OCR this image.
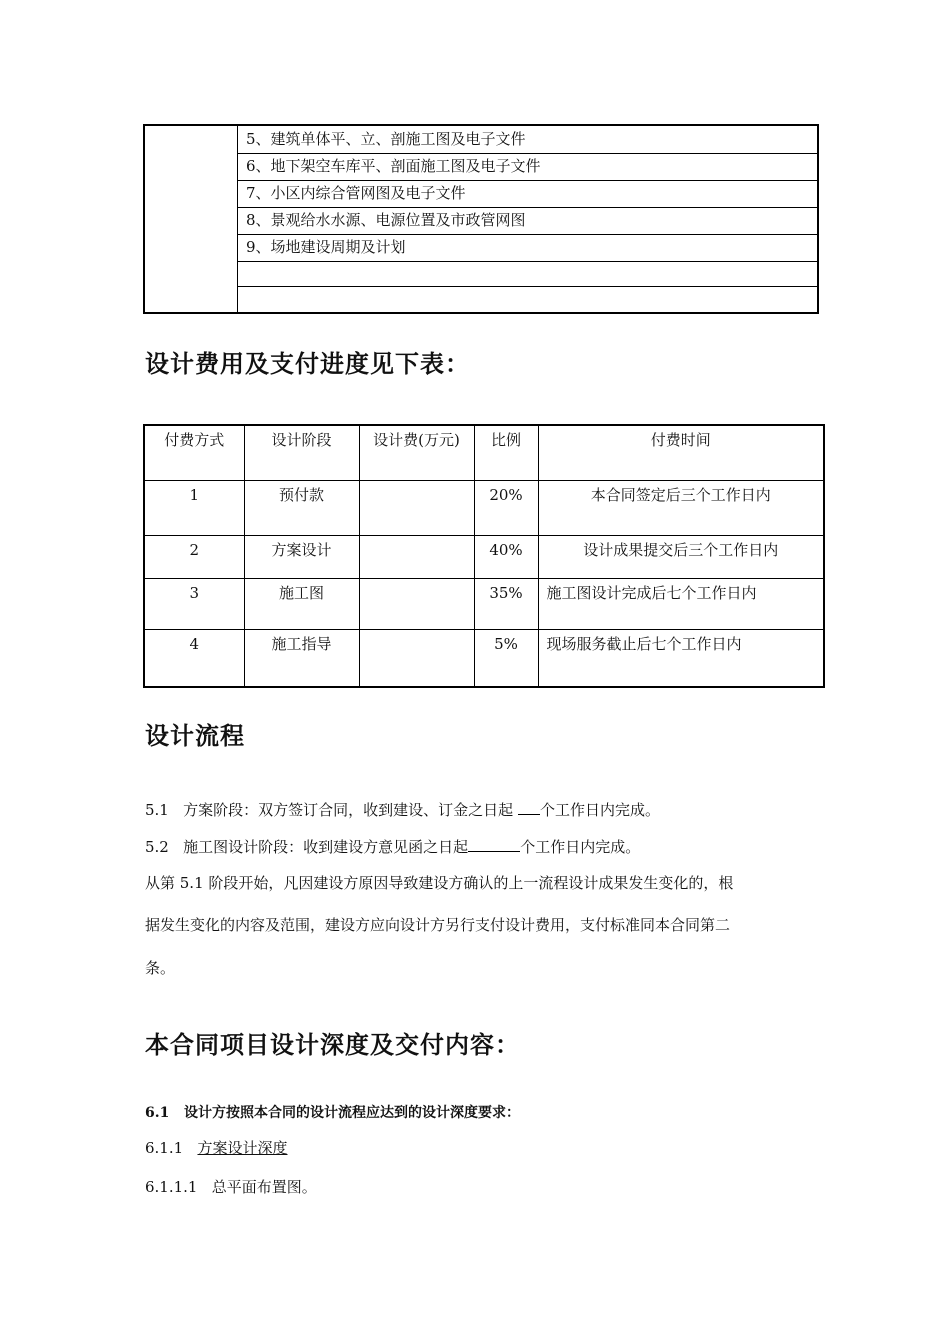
	5、建筑单体平、立、剖施工图及电子文件
6、地下架空车库平、剖面施工图及电子文件
7、小区内综合管网图及电子文件
8、景观给水水源、电源位置及市政管网图
9、场地建设周期及计划

设计费用及支付进度见下表：
付费方式	设计阶段	设计费(万元)	比例	付费时间
1	预付款		20%	本合同签定后三个工作日内
2	方案设计		40%	设计成果提交后三个工作日内
3	施工图		35%	施工图设计完成后七个工作日内
4	施工指导		5%	现场服务截止后七个工作日内
设计流程
5.1 方案阶段：双方签订合同，收到建设、订金之日起 个工作日内完成。
5.2 施工图设计阶段：收到建设方意见函之日起	个工作日内完成。
从第 5.1 阶段开始，凡因建设方原因导致建设方确认的上一流程设计成果发生变化的，根
据发生变化的内容及范围，建设方应向设计方另行支付设计费用，支付标准同本合同第二
条。
本合同项目设计深度及交付内容：
6.1 设计方按照本合同的设计流程应达到的设计深度要求：
6.1.1 方案设计深度
6.1.1.1 总平面布置图。
